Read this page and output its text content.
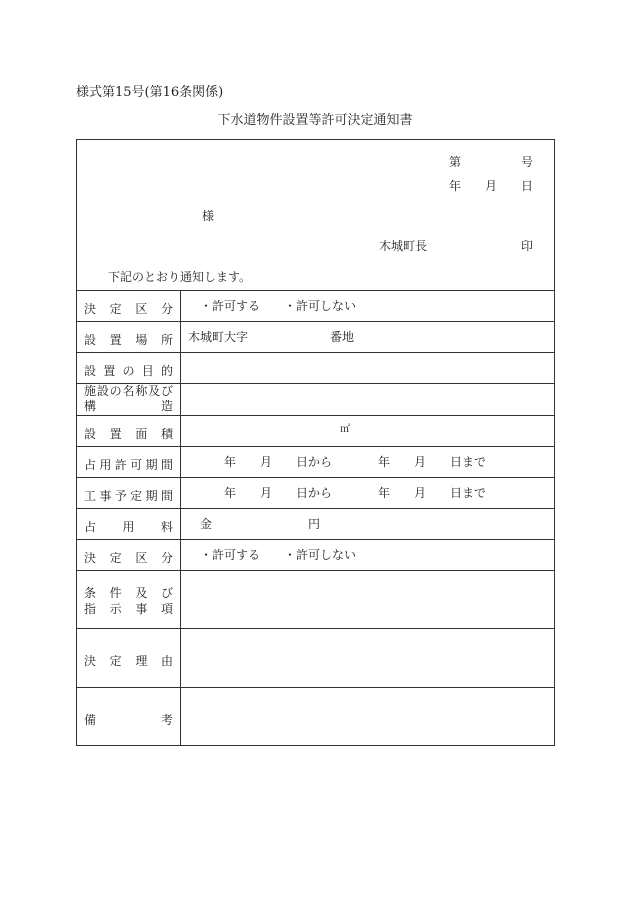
様式第15号(第16条関係)
下水道物件設置等許可決定通知書
第	号
年 月 日
様
木城町長	印
下記のとおり通知します。
決 定 区 分 ・許可する ・許可しない
設 置 場 所 木城町大字	番地
設 置 の 目 的
施 設 の 名 称 及 び
構	造
設 置 面 積	㎡
占 用 許 可 期 間	年 月 日から	年 月 日まで
工 事 予 定 期 間	年 月 日から	年 月 日まで
占 用 料 金	円
決 定 区 分 ・許可する ・許可しない
条 件 及 び
指 示 事 項
決 定 理 由
備	考
